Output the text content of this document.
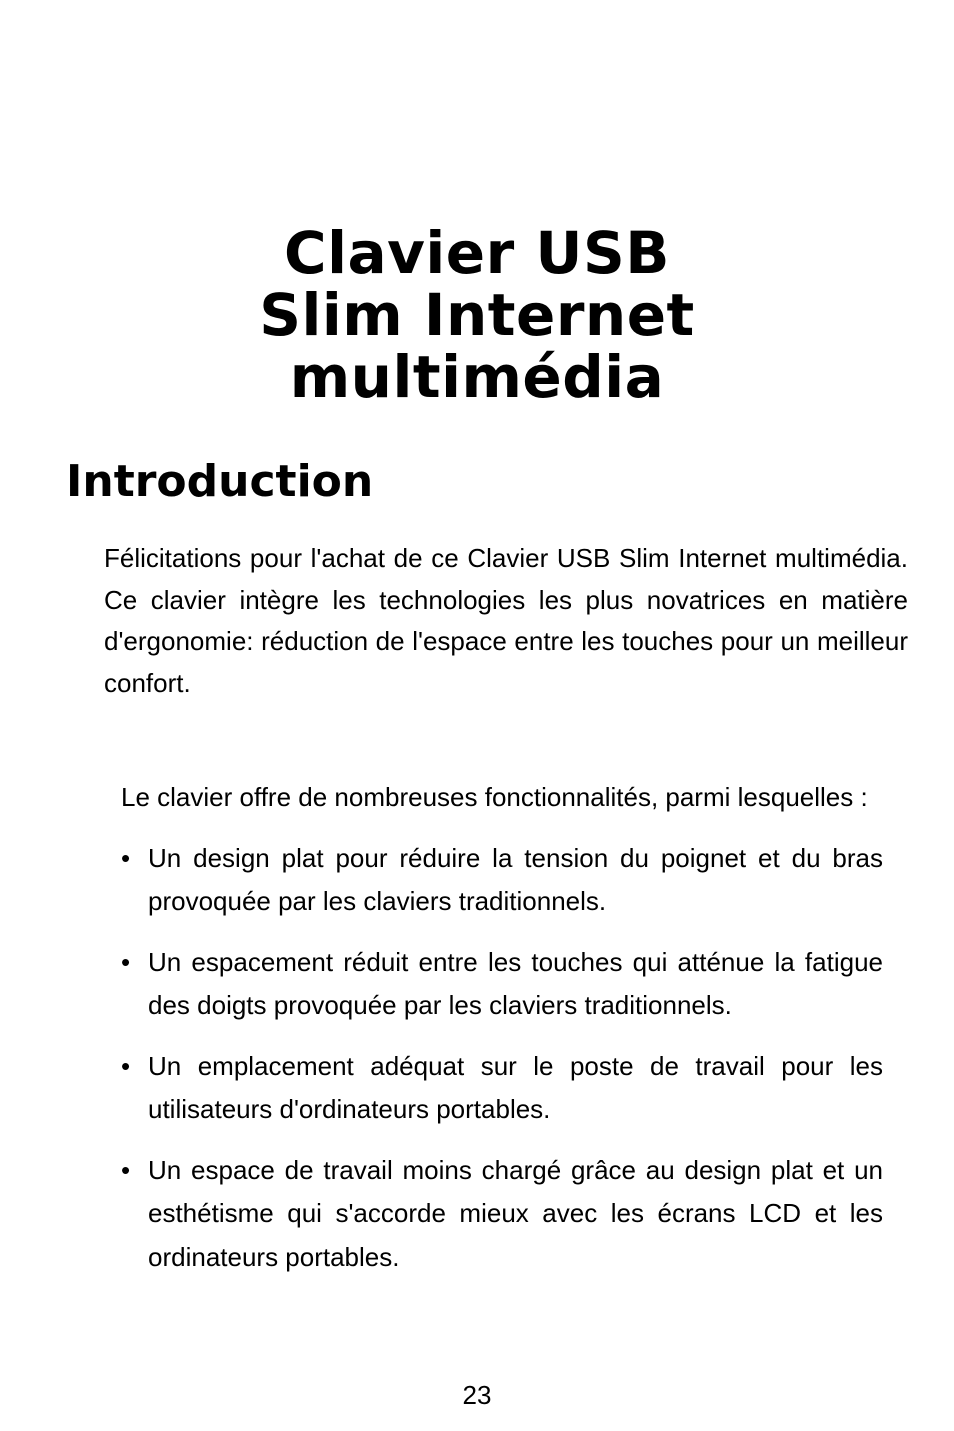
Clavier USB
Slim Internet
multimédia
Introduction

Félicitations pour l'achat de ce Clavier USB Slim Internet multimédia. Ce clavier intègre les technologies les plus novatrices en matière d'ergonomie: réduction de l'espace entre les touches pour un meilleur confort.

Le clavier offre de nombreuses fonctionnalités, parmi lesquelles :

• Un design plat pour réduire la tension du poignet et du bras provoquée par les claviers traditionnels.
• Un espacement réduit entre les touches qui atténue la fatigue des doigts provoquée par les claviers traditionnels.
• Un emplacement adéquat sur le poste de travail pour les utilisateurs d'ordinateurs portables.
• Un espace de travail moins chargé grâce au design plat et un esthétisme qui s'accorde mieux avec les écrans LCD et les ordinateurs portables.
23
